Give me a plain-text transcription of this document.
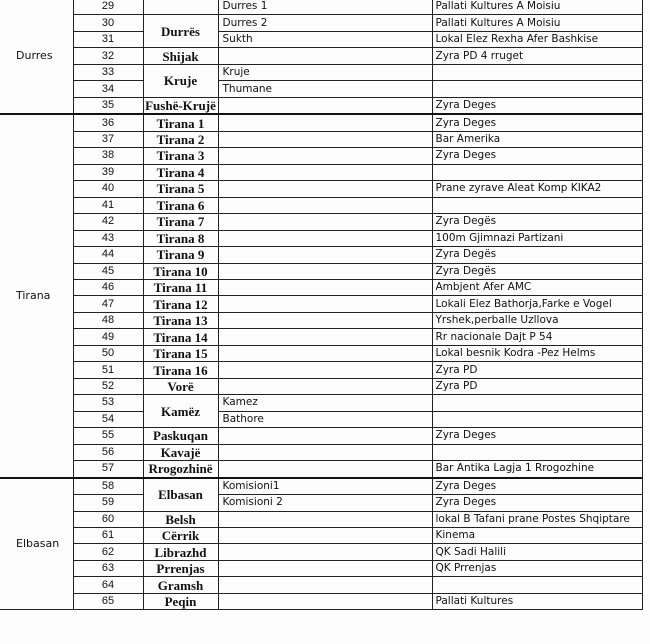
Durres	29		Durres 1	Pallati Kultures A Moisiu
	30	Durrës	Durres 2	Pallati Kultures A Moisiu
	31		Sukth	Lokal Elez Rexha Afer Bashkise
	32	Shijak		Zyra PD 4 rruget
	33	Kruje	Kruje	
	34		Thumane	
	35	Fushë-Krujë		Zyra Deges
Tirana	36	Tirana 1		Zyra Deges
	37	Tirana 2		Bar Amerika
	38	Tirana 3		Zyra Deges
	39	Tirana 4		
	40	Tirana 5		Prane zyrave Aleat Komp KIKA2
	41	Tirana 6		
	42	Tirana 7		Zyra Degës
	43	Tirana 8		100m Gjimnazi Partizani
	44	Tirana 9		Zyra Degës
	45	Tirana 10		Zyra Degës
	46	Tirana 11		Ambjent Afer AMC
	47	Tirana 12		Lokali Elez Bathorja,Farke e Vogel
	48	Tirana 13		Yrshek,perballe Uzllova
	49	Tirana 14		Rr nacionale Dajt P 54
	50	Tirana 15		Lokal besnik Kodra -Pez Helms
	51	Tirana 16		Zyra PD
	52	Vorë		Zyra PD
	53	Kamëz	Kamez	
	54		Bathore	
	55	Paskuqan		Zyra Deges
	56	Kavajë		
	57	Rrogozhinë		Bar Antika Lagja 1 Rrogozhine
Elbasan	58	Elbasan	Komisioni1	Zyra Deges
	59		Komisioni 2	Zyra Deges
	60	Belsh		lokal B Tafani prane Postes Shqiptare
	61	Cërrik		Kinema
	62	Librazhd		QK Sadi Halili
	63	Prrenjas		QK Prrenjas
	64	Gramsh		
	65	Peqin		Pallati Kultures
